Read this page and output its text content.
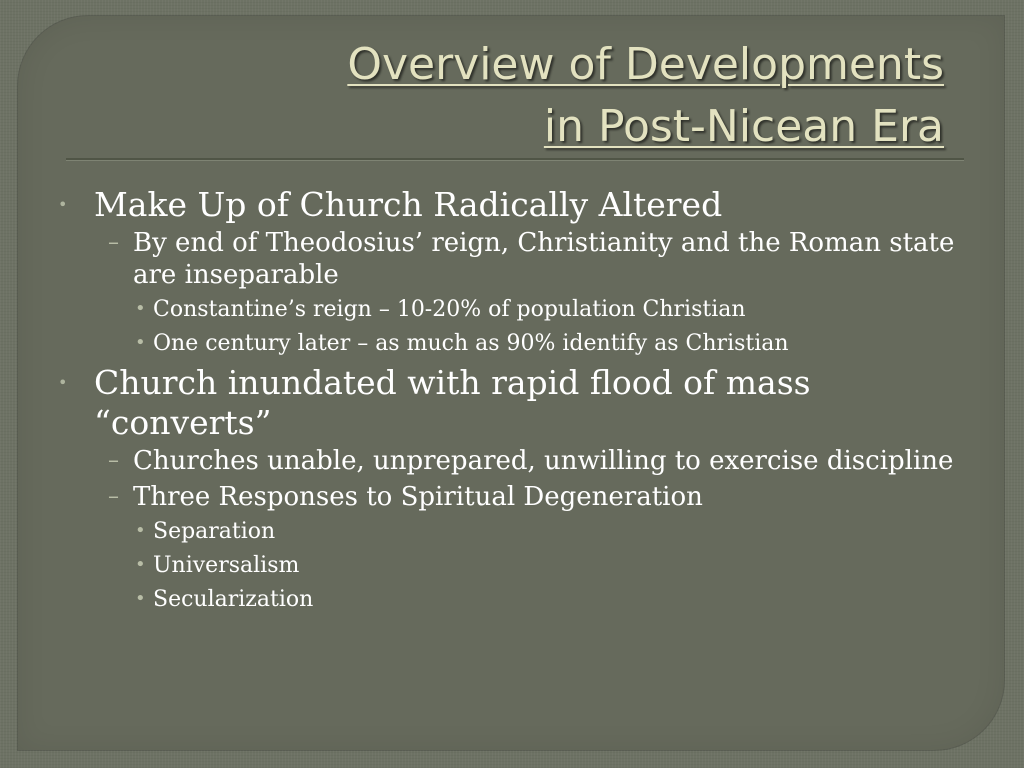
Overview of Developments
in Post-Nicean Era

• Make Up of Church Radically Altered

– By end of Theodosius’ reign, Christianity and the Roman state are inseparable

• Constantine’s reign – 10-20% of population Christian

• One century later – as much as 90% identify as Christian

• Church inundated with rapid flood of mass “converts”

– Churches unable, unprepared, unwilling to exercise discipline

– Three Responses to Spiritual Degeneration

• Separation

• Universalism

• Secularization
